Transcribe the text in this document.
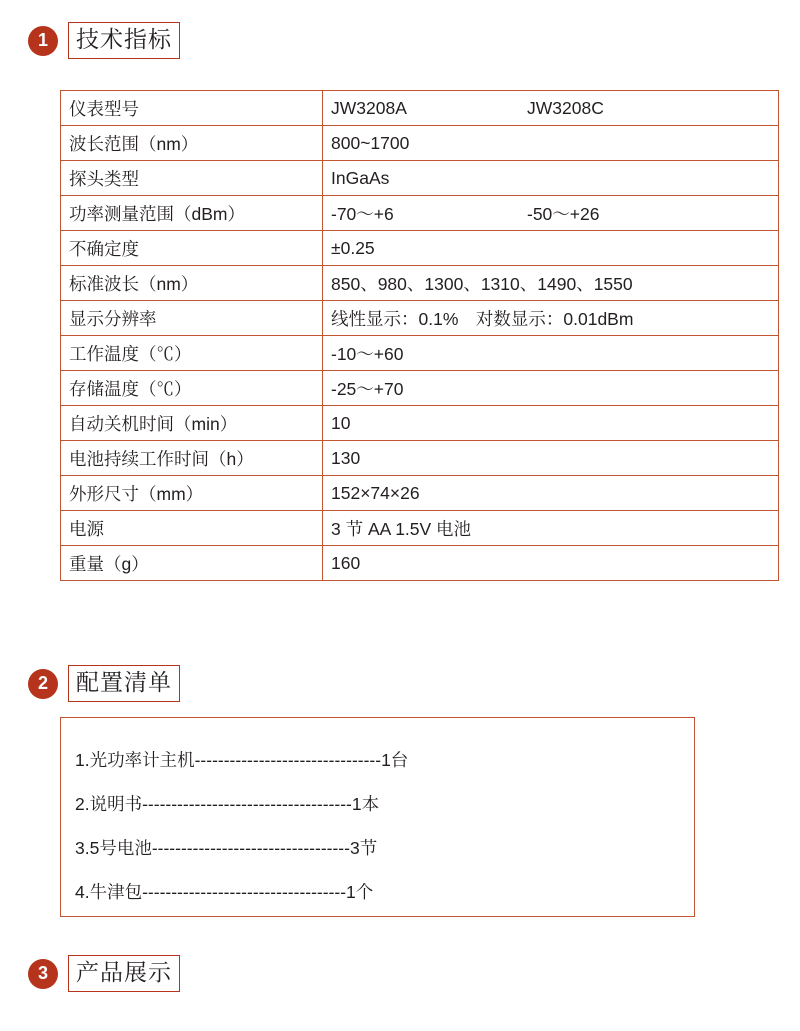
1	技术指标
仪表型号	JW3208A JW3208C

波长范围（nm）	800~1700

探头类型	InGaAs

功率测量范围（dBm）	-70～+6 -50～+26

不确定度	±0.25

标准波长（nm）	850、980、1300、1310、1490、1550

显示分辨率	线性显示：0.1%　对数显示：0.01dBm

工作温度（℃）	-10～+60

存储温度（℃）	-25～+70

自动关机时间（min）	10

电池持续工作时间（h）	130

外形尺寸（mm）	152×74×26

电源	3 节 AA 1.5V 电池

重量（g）	160
2	配置清单
1.光功率计主机--------------------------------1台
2.说明书------------------------------------1本
3.5号电池----------------------------------3节
4.牛津包-----------------------------------1个
3	产品展示
